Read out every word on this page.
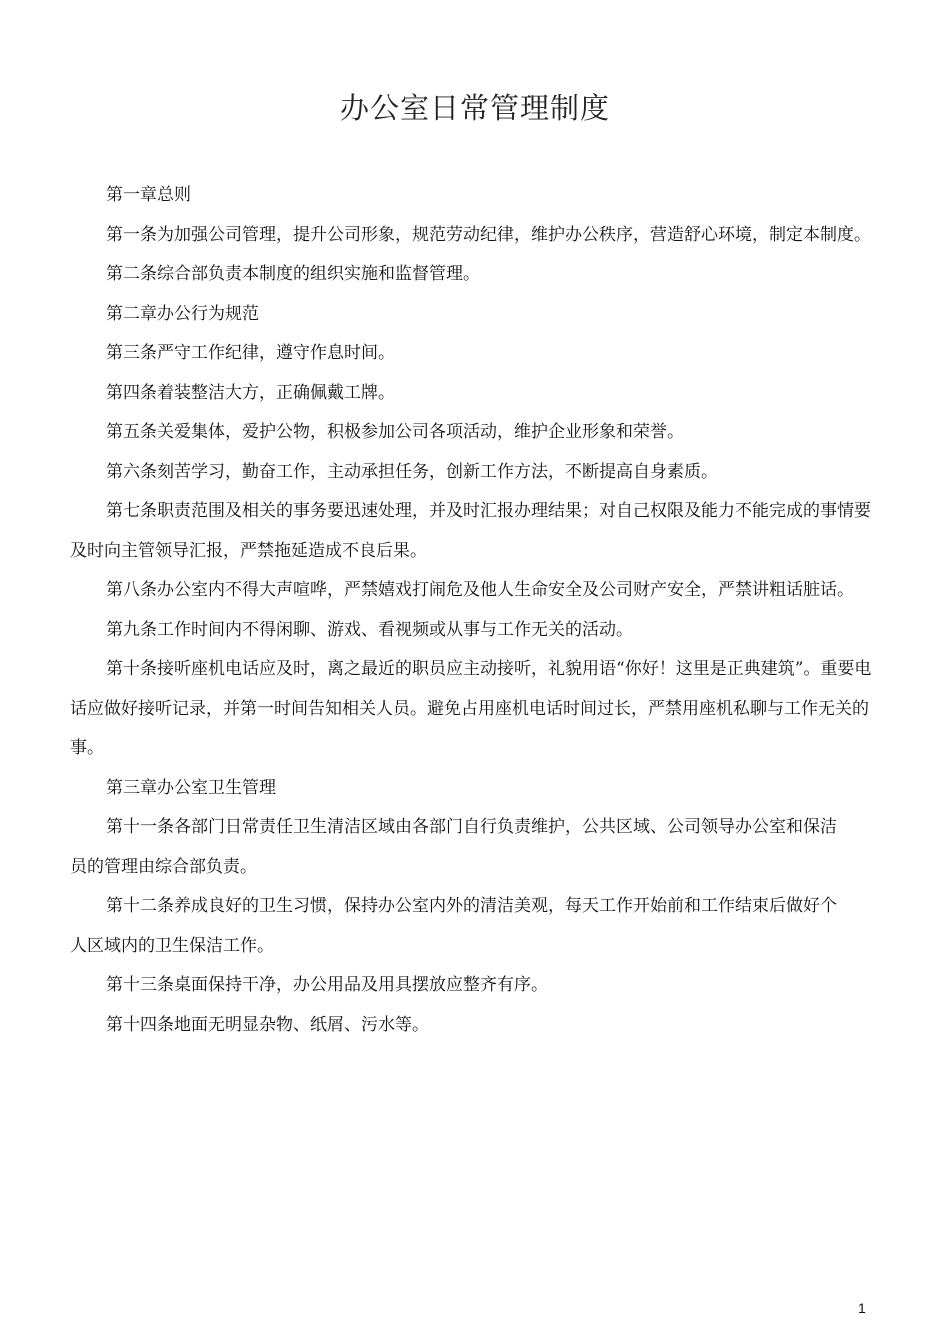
办公室日常管理制度

第一章总则

第一条为加强公司管理，提升公司形象，规范劳动纪律，维护办公秩序，营造舒心环境，制定本制度。

第二条综合部负责本制度的组织实施和监督管理。

第二章办公行为规范

第三条严守工作纪律，遵守作息时间。

第四条着装整洁大方，正确佩戴工牌。

第五条关爱集体，爱护公物，积极参加公司各项活动，维护企业形象和荣誉。

第六条刻苦学习，勤奋工作，主动承担任务，创新工作方法，不断提高自身素质。

第七条职责范围及相关的事务要迅速处理，并及时汇报办理结果；对自己权限及能力不能完成的事情要及时向主管领导汇报，严禁拖延造成不良后果。

第八条办公室内不得大声喧哗，严禁嬉戏打闹危及他人生命安全及公司财产安全，严禁讲粗话脏话。

第九条工作时间内不得闲聊、游戏、看视频或从事与工作无关的活动。

第十条接听座机电话应及时，离之最近的职员应主动接听，礼貌用语“你好！这里是正典建筑”。重要电话应做好接听记录，并第一时间告知相关人员。避免占用座机电话时间过长，严禁用座机私聊与工作无关的事。

第三章办公室卫生管理

第十一条各部门日常责任卫生清洁区域由各部门自行负责维护，公共区域、公司领导办公室和保洁员的管理由综合部负责。

第十二条养成良好的卫生习惯，保持办公室内外的清洁美观，每天工作开始前和工作结束后做好个人区域内的卫生保洁工作。

第十三条桌面保持干净，办公用品及用具摆放应整齐有序。

第十四条地面无明显杂物、纸屑、污水等。

1
